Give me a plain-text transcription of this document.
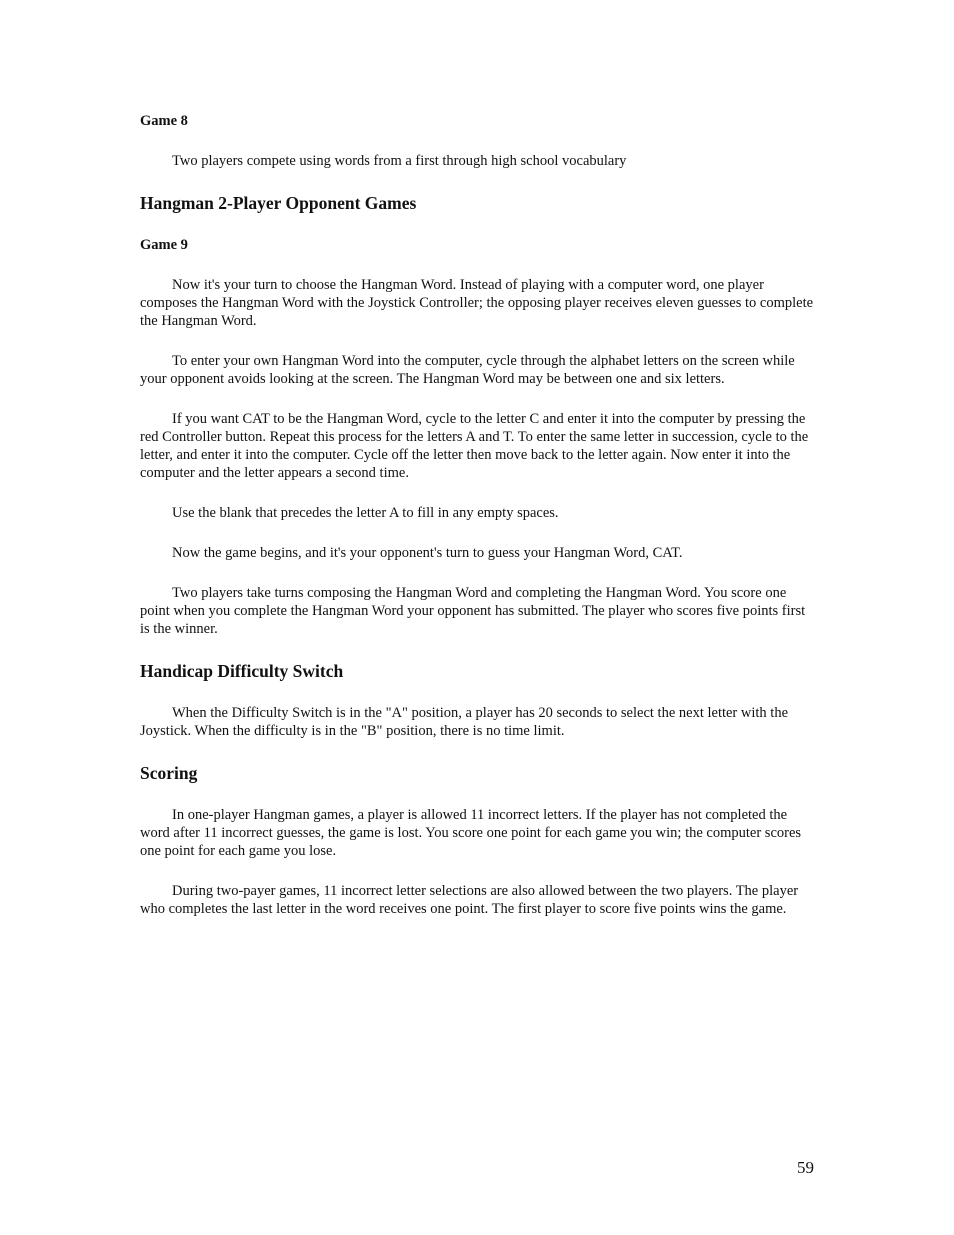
Game 8

Two players compete using words from a first through high school vocabulary

Hangman 2-Player Opponent Games

Game 9

Now it's your turn to choose the Hangman Word. Instead of playing with a computer word, one player composes the Hangman Word with the Joystick Controller; the opposing player receives eleven guesses to complete the Hangman Word.

To enter your own Hangman Word into the computer, cycle through the alphabet letters on the screen while your opponent avoids looking at the screen. The Hangman Word may be between one and six letters.

If you want CAT to be the Hangman Word, cycle to the letter C and enter it into the computer by pressing the red Controller button. Repeat this process for the letters A and T. To enter the same letter in succession, cycle to the letter, and enter it into the computer. Cycle off the letter then move back to the letter again. Now enter it into the computer and the letter appears a second time.

Use the blank that precedes the letter A to fill in any empty spaces.

Now the game begins, and it's your opponent's turn to guess your Hangman Word, CAT.

Two players take turns composing the Hangman Word and completing the Hangman Word. You score one point when you complete the Hangman Word your opponent has submitted. The player who scores five points first is the winner.

Handicap Difficulty Switch

When the Difficulty Switch is in the "A" position, a player has 20 seconds to select the next letter with the Joystick. When the difficulty is in the "B" position, there is no time limit.

Scoring

In one-player Hangman games, a player is allowed 11 incorrect letters. If the player has not completed the word after 11 incorrect guesses, the game is lost. You score one point for each game you win; the computer scores one point for each game you lose.

During two-payer games, 11 incorrect letter selections are also allowed between the two players. The player who completes the last letter in the word receives one point. The first player to score five points wins the game.

59
